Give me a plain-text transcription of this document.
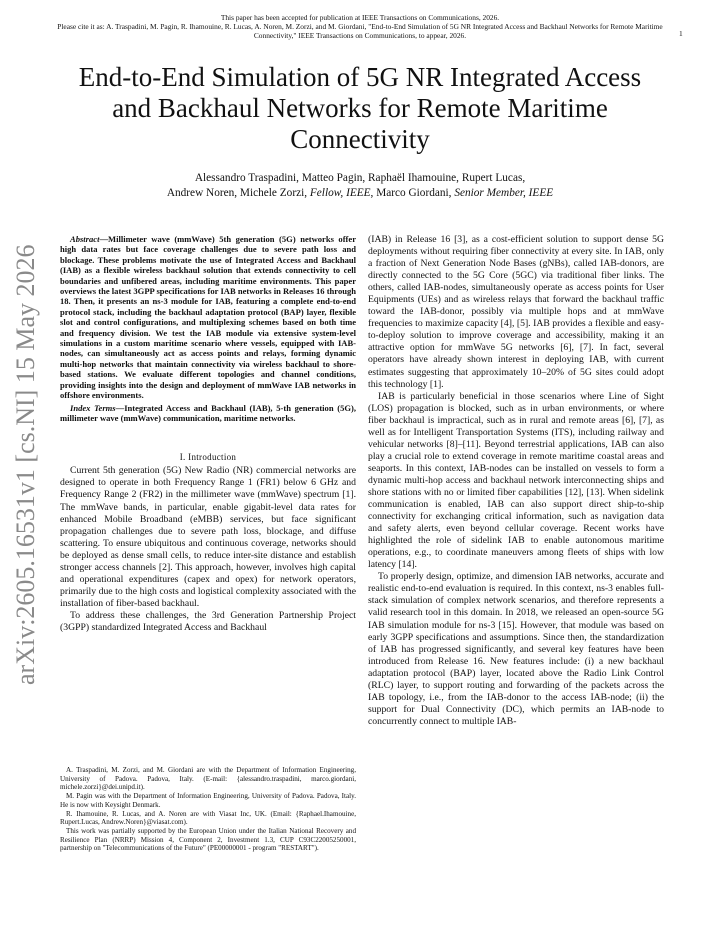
This paper has been accepted for publication at IEEE Transactions on Communications, 2026.
Please cite it as: A. Traspadini, M. Pagin, R. Ihamouine, R. Lucas, A. Noren, M. Zorzi, and M. Giordani, "End-to-End Simulation of 5G NR Integrated Access and Backhaul Networks for Remote Maritime Connectivity," IEEE Transactions on Communications, to appear, 2026.	1
End-to-End Simulation of 5G NR Integrated Access and Backhaul Networks for Remote Maritime Connectivity
Alessandro Traspadini, Matteo Pagin, Raphaël Ihamouine, Rupert Lucas,
Andrew Noren, Michele Zorzi, Fellow, IEEE, Marco Giordani, Senior Member, IEEE
arXiv:2605.16531v1 [cs.NI] 15 May 2026

Abstract—Millimeter wave (mmWave) 5th generation (5G) networks offer high data rates but face coverage challenges due to severe path loss and blockage. These problems motivate the use of Integrated Access and Backhaul (IAB) as a flexible wireless backhaul solution that extends connectivity to cell boundaries and unfibered areas, including maritime environments. This paper overviews the latest 3GPP specifications for IAB networks in Releases 16 through 18. Then, it presents an ns-3 module for IAB, featuring a complete end-to-end protocol stack, including the backhaul adaptation protocol (BAP) layer, flexible slot and control configurations, and multiplexing schemes based on both time and frequency division. We test the IAB module via extensive system-level simulations in a custom maritime scenario where vessels, equipped with IAB-nodes, can simultaneously act as access points and relays, forming dynamic multi-hop networks that maintain connectivity via wireless backhaul to shore-based stations. We evaluate different topologies and channel conditions, providing insights into the design and deployment of mmWave IAB networks in offshore environments.

Index Terms—Integrated Access and Backhaul (IAB), 5-th generation (5G), millimeter wave (mmWave) communication, maritime networks.

I. Introduction

Current 5th generation (5G) New Radio (NR) commercial networks are designed to operate in both Frequency Range 1 (FR1) below 6 GHz and Frequency Range 2 (FR2) in the millimeter wave (mmWave) spectrum [1]. The mmWave bands, in particular, enable gigabit-level data rates for enhanced Mobile Broadband (eMBB) services, but face significant propagation challenges due to severe path loss, blockage, and diffuse scattering. To ensure ubiquitous and continuous coverage, networks should be deployed as dense small cells, to reduce inter-site distance and establish stronger access channels [2]. This approach, however, involves high capital and operational expenditures (capex and opex) for network operators, primarily due to the high costs and logistical complexity associated with the installation of fiber-based backhaul.

To address these challenges, the 3rd Generation Partnership Project (3GPP) standardized Integrated Access and Backhaul

A. Traspadini, M. Zorzi, and M. Giordani are with the Department of Information Engineering, University of Padova. Padova, Italy. (E-mail: {alessandro.traspadini, marco.giordani, michele.zorzi}@dei.unipd.it).

M. Pagin was with the Department of Information Engineering, University of Padova. Padova, Italy. He is now with Keysight Denmark.

R. Ihamouine, R. Lucas, and A. Noren are with Viasat Inc, UK. (Email: {Raphael.Ihamouine, Rupert.Lucas, Andrew.Noren}@viasat.com).

This work was partially supported by the European Union under the Italian National Recovery and Resilience Plan (NRRP) Mission 4, Component 2, Investment 1.3, CUP C93C22005250001, partnership on "Telecommunications of the Future" (PE00000001 - program "RESTART").

(IAB) in Release 16 [3], as a cost-efficient solution to support dense 5G deployments without requiring fiber connectivity at every site. In IAB, only a fraction of Next Generation Node Bases (gNBs), called IAB-donors, are directly connected to the 5G Core (5GC) via traditional fiber links. The others, called IAB-nodes, simultaneously operate as access points for User Equipments (UEs) and as wireless relays that forward the backhaul traffic toward the IAB-donor, possibly via multiple hops and at mmWave frequencies to maximize capacity [4], [5]. IAB provides a flexible and easy-to-deploy solution to improve coverage and accessibility, making it an attractive option for mmWave 5G networks [6], [7]. In fact, several operators have already shown interest in deploying IAB, with current estimates suggesting that approximately 10–20% of 5G sites could adopt this technology [1].

IAB is particularly beneficial in those scenarios where Line of Sight (LOS) propagation is blocked, such as in urban environments, or where fiber backhaul is impractical, such as in rural and remote areas [6], [7], as well as for Intelligent Transportation Systems (ITS), including railway and vehicular networks [8]–[11]. Beyond terrestrial applications, IAB can also play a crucial role to extend coverage in remote maritime coastal areas and seaports. In this context, IAB-nodes can be installed on vessels to form a dynamic multi-hop access and backhaul network interconnecting ships and shore stations with no or limited fiber capabilities [12], [13]. When sidelink communication is enabled, IAB can also support direct ship-to-ship connectivity for exchanging critical information, such as navigation data and safety alerts, even beyond cellular coverage. Recent works have highlighted the role of sidelink IAB to enable autonomous maritime operations, e.g., to coordinate maneuvers among fleets of ships with low latency [14].

To properly design, optimize, and dimension IAB networks, accurate and realistic end-to-end evaluation is required. In this context, ns-3 enables full-stack simulation of complex network scenarios, and therefore represents a valid research tool in this domain. In 2018, we released an open-source 5G IAB simulation module for ns-3 [15]. However, that module was based on early 3GPP specifications and assumptions. Since then, the standardization of IAB has progressed significantly, and several key features have been introduced from Release 16. New features include: (i) a new backhaul adaptation protocol (BAP) layer, located above the Radio Link Control (RLC) layer, to support routing and forwarding of the packets across the IAB topology, i.e., from the IAB-donor to the access IAB-node; (ii) the support for Dual Connectivity (DC), which permits an IAB-node to concurrently connect to multiple IAB-
